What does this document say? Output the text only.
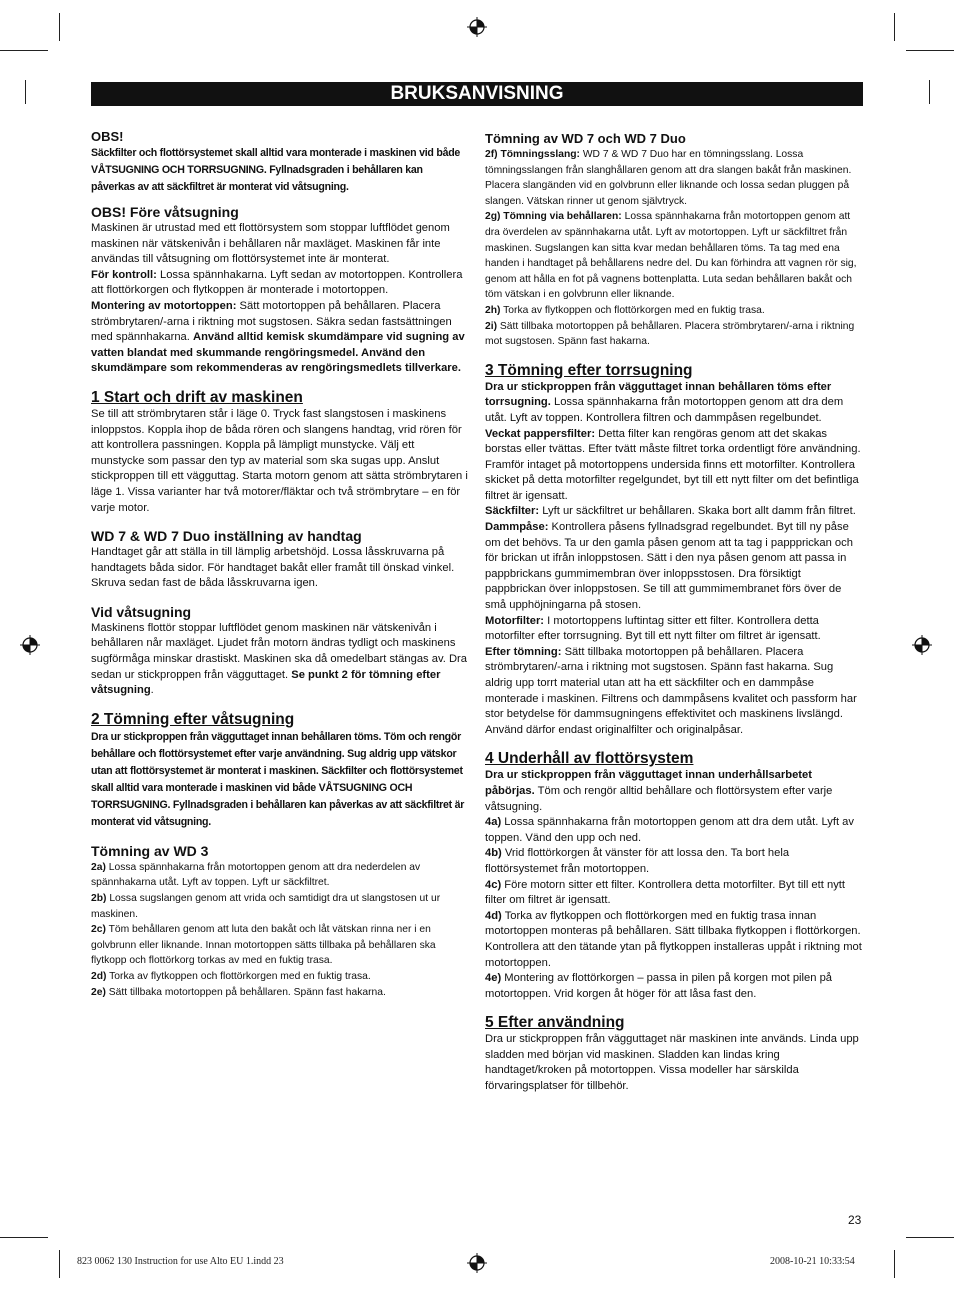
BRUKSANVISNING
OBS!

Säckfilter och flottörsystemet skall alltid vara monterade i maskinen vid både VÅTSUGNING OCH TORRSUGNING. Fyllnadsgraden i behållaren kan påverkas av att säckfiltret är monterat vid våtsugning.

OBS! Före våtsugning

Maskinen är utrustad med ett flottörsystem som stoppar luftflödet genom maskinen när vätskenivån i behållaren når maxläget. Maskinen får inte användas till våtsugning om flottörsystemet inte är monterat.

För kontroll: Lossa spännhakarna. Lyft sedan av motortoppen. Kontrollera att flottörkorgen och flytkoppen är monterade i motortoppen.

Montering av motortoppen: Sätt motortoppen på behållaren. Placera strömbrytaren/-arna i riktning mot sugstosen. Säkra sedan fastsättningen med spännhakarna. Använd alltid kemisk skumdämpare vid sugning av vatten blandat med skummande rengöringsmedel. Använd den skumdämpare som rekommenderas av rengöringsmedlets tillverkare.

1 Start och drift av maskinen

Se till att strömbrytaren står i läge 0. Tryck fast slangstosen i maskinens inloppstos. Koppla ihop de båda rören och slangens handtag, vrid rören för att kontrollera passningen. Koppla på lämpligt munstycke. Välj ett munstycke som passar den typ av material som ska sugas upp. Anslut stickproppen till ett vägguttag. Starta motorn genom att sätta strömbrytaren i läge 1. Vissa varianter har två motorer/fläktar och två strömbrytare – en för varje motor.

WD 7 & WD 7 Duo inställning av handtag

Handtaget går att ställa in till lämplig arbetshöjd. Lossa låsskruvarna på handtagets båda sidor. För handtaget bakåt eller framåt till önskad vinkel. Skruva sedan fast de båda låsskruvarna igen.

Vid våtsugning

Maskinens flottör stoppar luftflödet genom maskinen när vätskenivån i behållaren når maxläget. Ljudet från motorn ändras tydligt och maskinens sugförmåga minskar drastiskt. Maskinen ska då omedelbart stängas av. Dra sedan ur stickproppen från vägguttaget. Se punkt 2 för tömning efter våtsugning.

2 Tömning efter våtsugning

Dra ur stickproppen från vägguttaget innan behållaren töms. Töm och rengör behållare och flottörsystemet efter varje användning. Sug aldrig upp vätskor utan att flottörsystemet är monterat i maskinen. Säckfilter och flottörsystemet skall alltid vara monterade i maskinen vid både VÅTSUGNING OCH TORRSUGNING. Fyllnadsgraden i behållaren kan påverkas av att säckfiltret är monterat vid våtsugning.

Tömning av WD 3

2a) Lossa spännhakarna från motortoppen genom att dra nederdelen av spännhakarna utåt. Lyft av toppen. Lyft ur säckfiltret.

2b) Lossa sugslangen genom att vrida och samtidigt dra ut slangstosen ut ur maskinen.

2c) Töm behållaren genom att luta den bakåt och låt vätskan rinna ner i en golvbrunn eller liknande. Innan motortoppen sätts tillbaka på behållaren ska flytkopp och flottörkorg torkas av med en fuktig trasa.

2d) Torka av flytkoppen och flottörkorgen med en fuktig trasa.

2e) Sätt tillbaka motortoppen på behållaren. Spänn fast hakarna.

Tömning av WD 7 och WD 7 Duo

2f) Tömningsslang: WD 7 & WD 7 Duo har en tömningsslang. Lossa tömningsslangen från slanghållaren genom att dra slangen bakåt från maskinen. Placera slangänden vid en golvbrunn eller liknande och lossa sedan pluggen på slangen. Vätskan rinner ut genom självtryck.

2g) Tömning via behållaren: Lossa spännhakarna från motortoppen genom att dra överdelen av spännhakarna utåt. Lyft av motortoppen. Lyft ur säckfiltret från maskinen. Sugslangen kan sitta kvar medan behållaren töms. Ta tag med ena handen i handtaget på behållarens nedre del. Du kan förhindra att vagnen rör sig, genom att hålla en fot på vagnens bottenplatta. Luta sedan behållaren bakåt och töm vätskan i en golvbrunn eller liknande.

2h) Torka av flytkoppen och flottörkorgen med en fuktig trasa.

2i) Sätt tillbaka motortoppen på behållaren. Placera strömbrytaren/-arna i riktning mot sugstosen. Spänn fast hakarna.

3 Tömning efter torrsugning

Dra ur stickproppen från vägguttaget innan behållaren töms efter torrsugning. Lossa spännhakarna från motortoppen genom att dra dem utåt. Lyft av toppen. Kontrollera filtren och dammpåsen regelbundet.

Veckat pappersfilter: Detta filter kan rengöras genom att det skakas borstas eller tvättas. Efter tvätt måste filtret torka ordentligt före användning. Framför intaget på motortoppens undersida finns ett motorfilter. Kontrollera skicket på detta motorfilter regelgundet, byt till ett nytt filter om det befintliga filtret är igensatt.

Säckfilter: Lyft ur säckfiltret ur behållaren. Skaka bort allt damm från filtret.

Dammpåse: Kontrollera påsens fyllnadsgrad regelbundet. Byt till ny påse om det behövs. Ta ur den gamla påsen genom att ta tag i pappprickan och för brickan ut ifrån inloppstosen. Sätt i den nya påsen genom att passa in pappbrickans gummimembran över inloppsstosen. Dra försiktigt pappbrickan över inloppstosen. Se till att gummimembranet förs över de små upphöjningarna på stosen.

Motorfilter: I motortoppens luftintag sitter ett filter. Kontrollera detta motorfilter efter torrsugning. Byt till ett nytt filter om filtret är igensatt.

Efter tömning: Sätt tillbaka motortoppen på behållaren. Placera strömbrytaren/-arna i riktning mot sugstosen. Spänn fast hakarna. Sug aldrig upp torrt material utan att ha ett säckfilter och en dammpåse monterade i maskinen. Filtrens och dammpåsens kvalitet och passform har stor betydelse för dammsugningens effektivitet och maskinens livslängd. Använd därfor endast originalfilter och originalpåsar.

4 Underhåll av flottörsystem

Dra ur stickproppen från vägguttaget innan underhållsarbetet påbörjas. Töm och rengör alltid behållare och flottörsystem efter varje våtsugning.

4a) Lossa spännhakarna från motortoppen genom att dra dem utåt. Lyft av toppen. Vänd den upp och ned.

4b) Vrid flottörkorgen åt vänster för att lossa den. Ta bort hela flottörsystemet från motortoppen.

4c) Före motorn sitter ett filter. Kontrollera detta motorfilter. Byt till ett nytt filter om filtret är igensatt.

4d) Torka av flytkoppen och flottörkorgen med en fuktig trasa innan motortoppen monteras på behållaren. Sätt tillbaka flytkoppen i flottörkorgen. Kontrollera att den tätande ytan på flytkoppen installeras uppåt i riktning mot motortoppen.

4e) Montering av flottörkorgen – passa in pilen på korgen mot pilen på motortoppen. Vrid korgen åt höger för att låsa fast den.

5 Efter användning

Dra ur stickproppen från vägguttaget när maskinen inte används. Linda upp sladden med början vid maskinen. Sladden kan lindas kring handtaget/kroken på motortoppen. Vissa modeller har särskilda förvaringsplatser för tillbehör.

23
823 0062 130 Instruction for use Alto EU 1.indd 23	2008-10-21 10:33:54
